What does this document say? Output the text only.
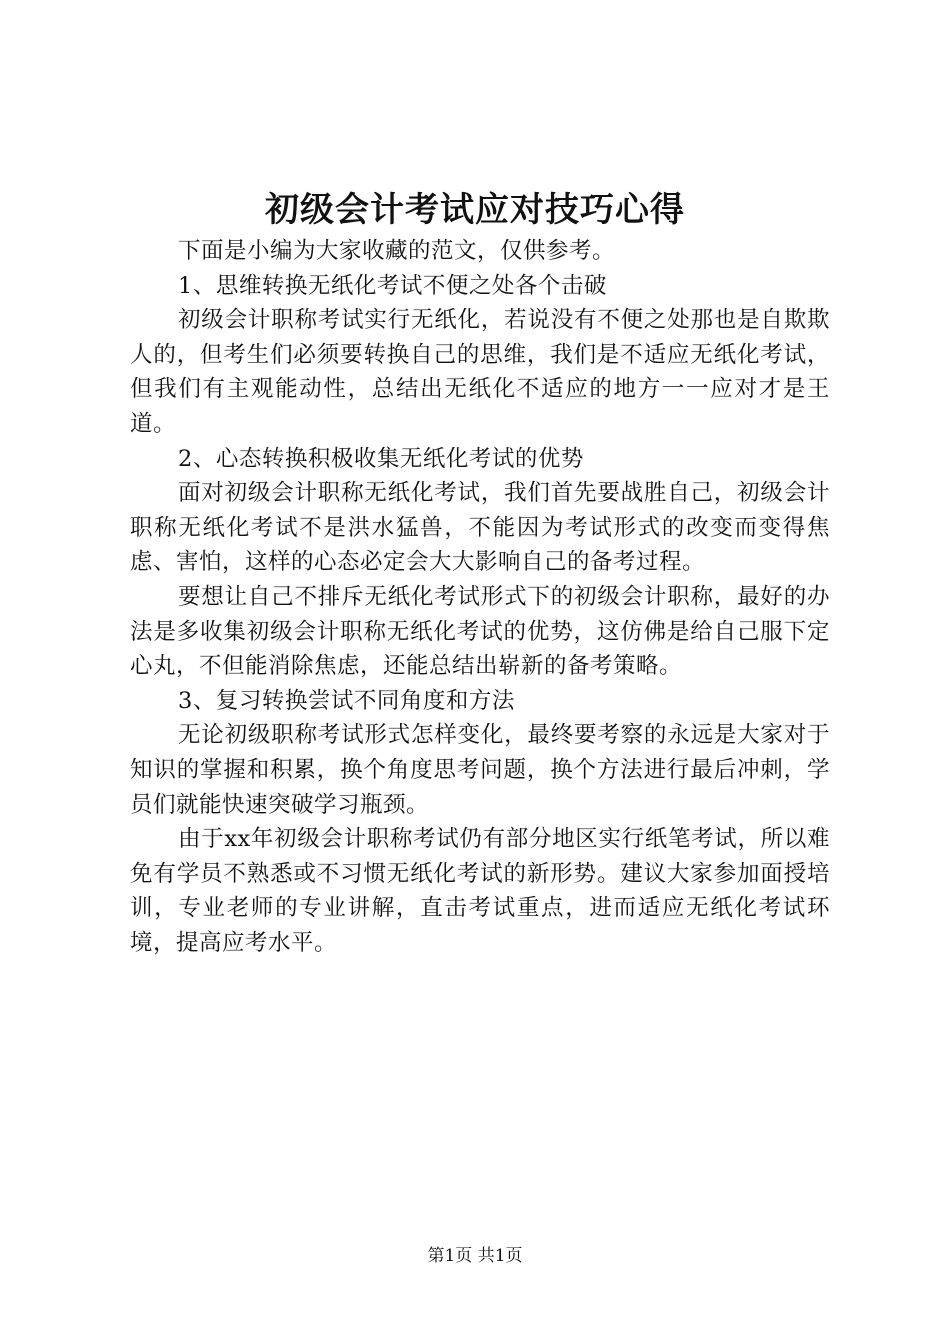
初级会计考试应对技巧心得

下面是小编为大家收藏的范文，仅供参考。

1、思维转换无纸化考试不便之处各个击破

初级会计职称考试实行无纸化，若说没有不便之处那也是自欺欺人的，但考生们必须要转换自己的思维，我们是不适应无纸化考试，但我们有主观能动性，总结出无纸化不适应的地方一一应对才是王道。

2、心态转换积极收集无纸化考试的优势

面对初级会计职称无纸化考试，我们首先要战胜自己，初级会计职称无纸化考试不是洪水猛兽，不能因为考试形式的改变而变得焦虑、害怕，这样的心态必定会大大影响自己的备考过程。

要想让自己不排斥无纸化考试形式下的初级会计职称，最好的办法是多收集初级会计职称无纸化考试的优势，这仿佛是给自己服下定心丸，不但能消除焦虑，还能总结出崭新的备考策略。

3、复习转换尝试不同角度和方法

无论初级职称考试形式怎样变化，最终要考察的永远是大家对于知识的掌握和积累，换个角度思考问题，换个方法进行最后冲刺，学员们就能快速突破学习瓶颈。

由于xx年初级会计职称考试仍有部分地区实行纸笔考试，所以难免有学员不熟悉或不习惯无纸化考试的新形势。建议大家参加面授培训，专业老师的专业讲解，直击考试重点，进而适应无纸化考试环境，提高应考水平。

第1页 共1页
